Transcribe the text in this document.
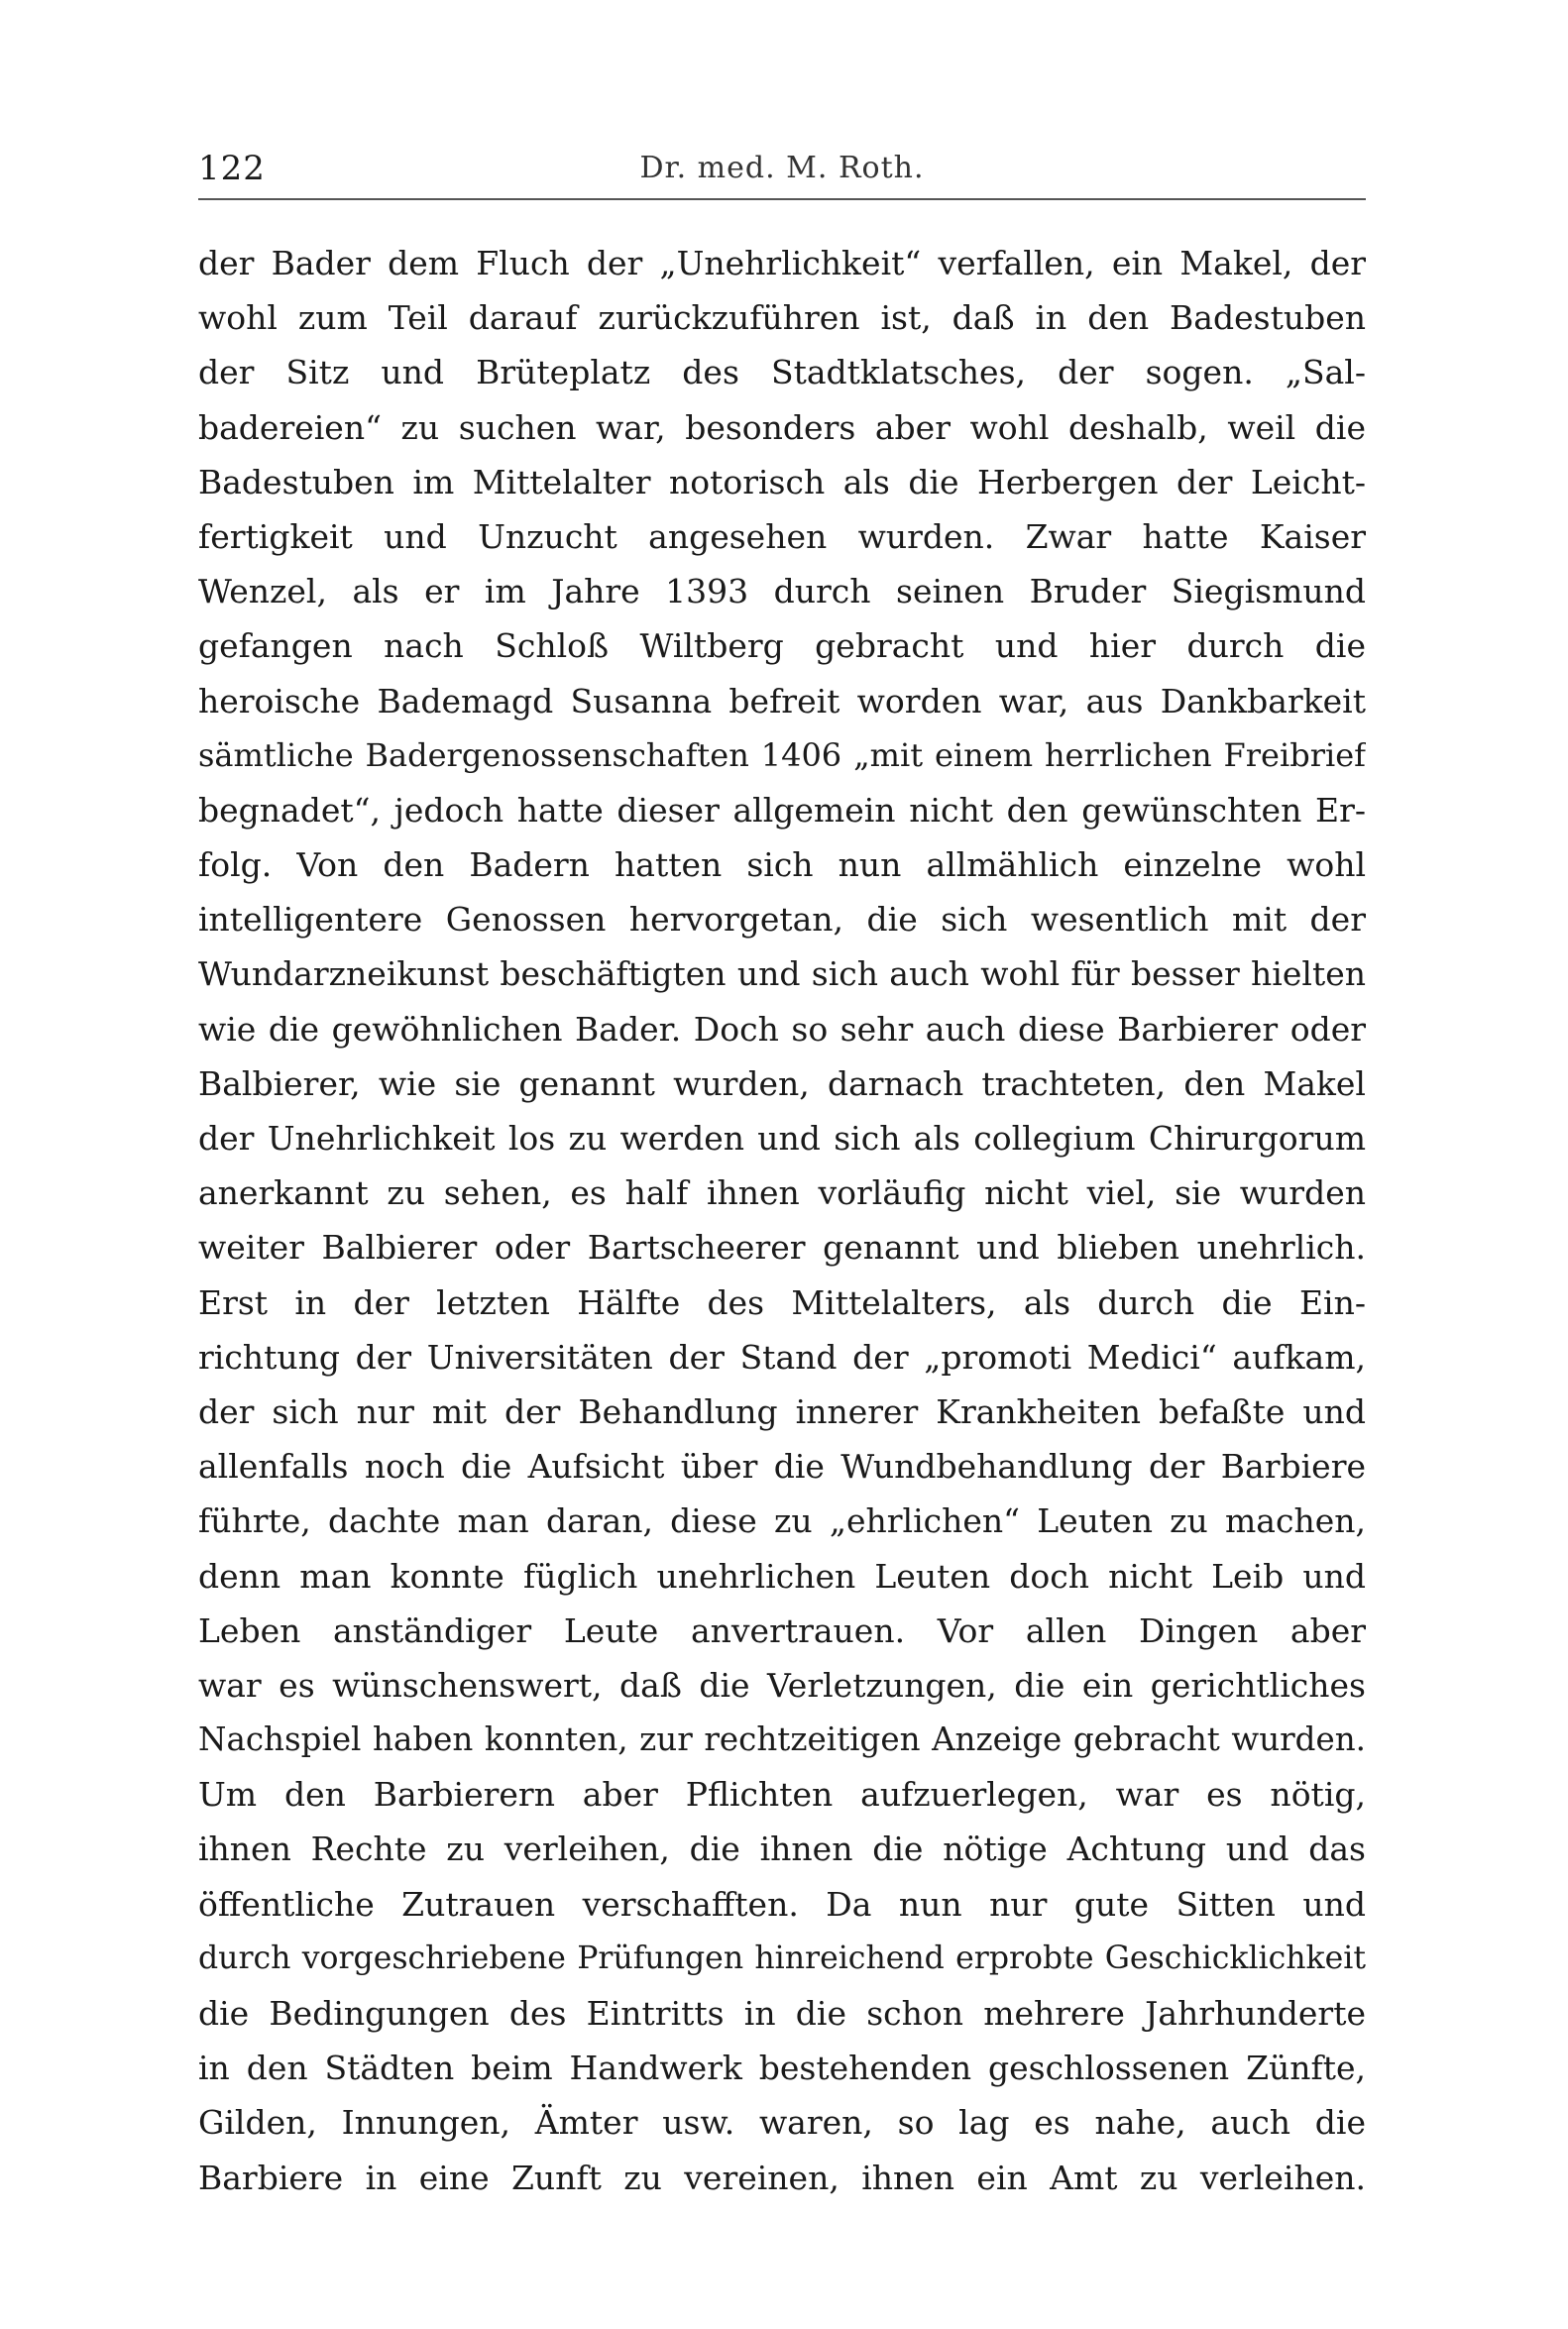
122	Dr. med. M. Roth.
der Bader dem Fluch der „Unehrlichkeit“ verfallen, ein Makel, der
wohl zum Teil darauf zurückzuführen ist, daß in den Badestuben
der Sitz und Brüteplatz des Stadtklatsches, der sogen. „Sal-
badereien“ zu suchen war, besonders aber wohl deshalb, weil die
Badestuben im Mittelalter notorisch als die Herbergen der Leicht-
fertigkeit und Unzucht angesehen wurden. Zwar hatte Kaiser
Wenzel, als er im Jahre 1393 durch seinen Bruder Siegismund
gefangen nach Schloß Wiltberg gebracht und hier durch die
heroische Bademagd Susanna befreit worden war, aus Dankbarkeit
sämtliche Badergenossenschaften 1406 „mit einem herrlichen Freibrief
begnadet“, jedoch hatte dieser allgemein nicht den gewünschten Er-
folg. Von den Badern hatten sich nun allmählich einzelne wohl
intelligentere Genossen hervorgetan, die sich wesentlich mit der
Wundarzneikunst beschäftigten und sich auch wohl für besser hielten
wie die gewöhnlichen Bader. Doch so sehr auch diese Barbierer oder
Balbierer, wie sie genannt wurden, darnach trachteten, den Makel
der Unehrlichkeit los zu werden und sich als collegium Chirurgorum
anerkannt zu sehen, es half ihnen vorläufig nicht viel, sie wurden
weiter Balbierer oder Bartscheerer genannt und blieben unehrlich.
Erst in der letzten Hälfte des Mittelalters, als durch die Ein-
richtung der Universitäten der Stand der „promoti Medici“ aufkam,
der sich nur mit der Behandlung innerer Krankheiten befaßte und
allenfalls noch die Aufsicht über die Wundbehandlung der Barbiere
führte, dachte man daran, diese zu „ehrlichen“ Leuten zu machen,
denn man konnte füglich unehrlichen Leuten doch nicht Leib und
Leben anständiger Leute anvertrauen. Vor allen Dingen aber
war es wünschenswert, daß die Verletzungen, die ein gerichtliches
Nachspiel haben konnten, zur rechtzeitigen Anzeige gebracht wurden.
Um den Barbierern aber Pflichten aufzuerlegen, war es nötig,
ihnen Rechte zu verleihen, die ihnen die nötige Achtung und das
öffentliche Zutrauen verschafften. Da nun nur gute Sitten und
durch vorgeschriebene Prüfungen hinreichend erprobte Geschicklichkeit
die Bedingungen des Eintritts in die schon mehrere Jahrhunderte
in den Städten beim Handwerk bestehenden geschlossenen Zünfte,
Gilden, Innungen, Ämter usw. waren, so lag es nahe, auch die
Barbiere in eine Zunft zu vereinen, ihnen ein Amt zu verleihen.
